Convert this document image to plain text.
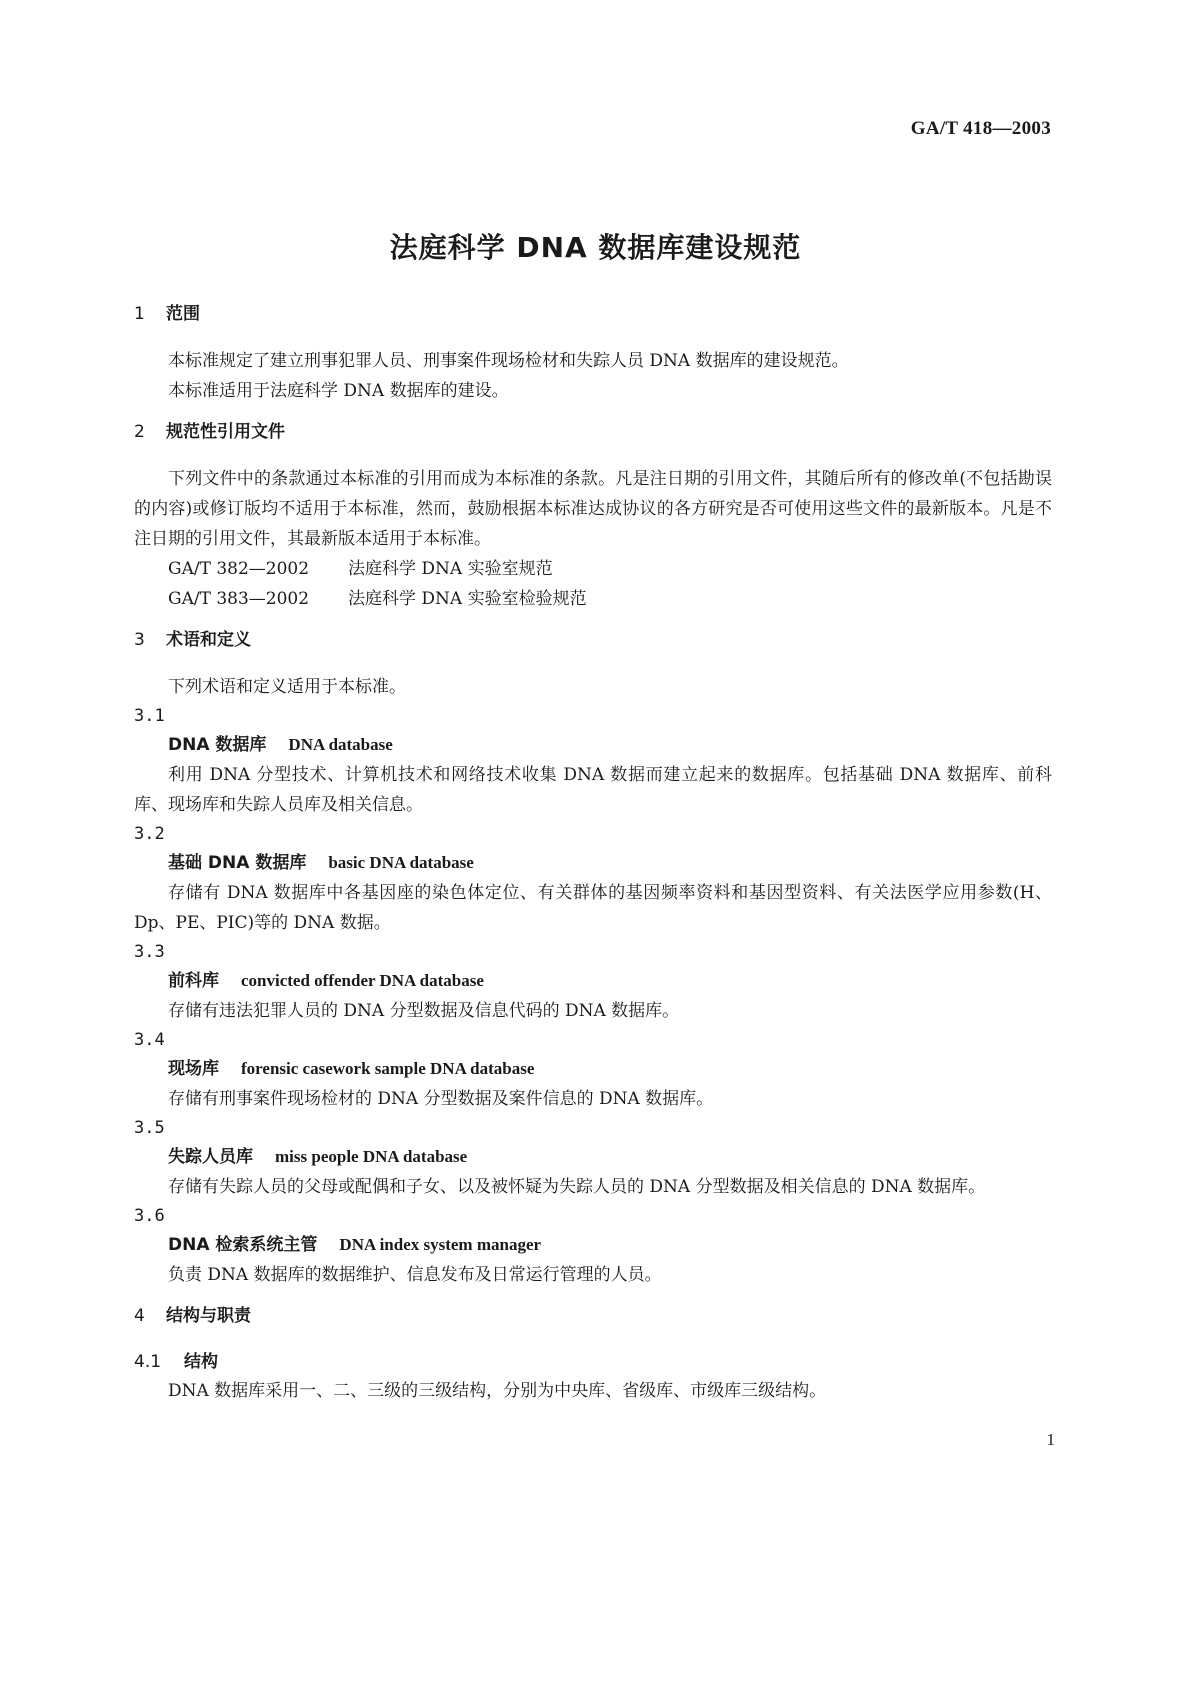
GA/T 418—2003
法庭科学 DNA 数据库建设规范
1 范围

本标准规定了建立刑事犯罪人员、刑事案件现场检材和失踪人员 DNA 数据库的建设规范。

本标准适用于法庭科学 DNA 数据库的建设。

2 规范性引用文件

下列文件中的条款通过本标准的引用而成为本标准的条款。凡是注日期的引用文件，其随后所有的修改单(不包括勘误的内容)或修订版均不适用于本标准，然而，鼓励根据本标准达成协议的各方研究是否可使用这些文件的最新版本。凡是不注日期的引用文件，其最新版本适用于本标准。

GA/T 382—2002 法庭科学 DNA 实验室规范

GA/T 383—2002 法庭科学 DNA 实验室检验规范

3 术语和定义

下列术语和定义适用于本标准。

3.1

DNA 数据库 DNA database

利用 DNA 分型技术、计算机技术和网络技术收集 DNA 数据而建立起来的数据库。包括基础 DNA 数据库、前科库、现场库和失踪人员库及相关信息。

3.2

基础 DNA 数据库 basic DNA database

存储有 DNA 数据库中各基因座的染色体定位、有关群体的基因频率资料和基因型资料、有关法医学应用参数(H、Dp、PE、PIC)等的 DNA 数据。

3.3

前科库 convicted offender DNA database

存储有违法犯罪人员的 DNA 分型数据及信息代码的 DNA 数据库。

3.4

现场库 forensic casework sample DNA database

存储有刑事案件现场检材的 DNA 分型数据及案件信息的 DNA 数据库。

3.5

失踪人员库 miss people DNA database

存储有失踪人员的父母或配偶和子女、以及被怀疑为失踪人员的 DNA 分型数据及相关信息的 DNA 数据库。

3.6

DNA 检索系统主管 DNA index system manager

负责 DNA 数据库的数据维护、信息发布及日常运行管理的人员。

4 结构与职责
4.1 结构

DNA 数据库采用一、二、三级的三级结构，分别为中央库、省级库、市级库三级结构。

1
